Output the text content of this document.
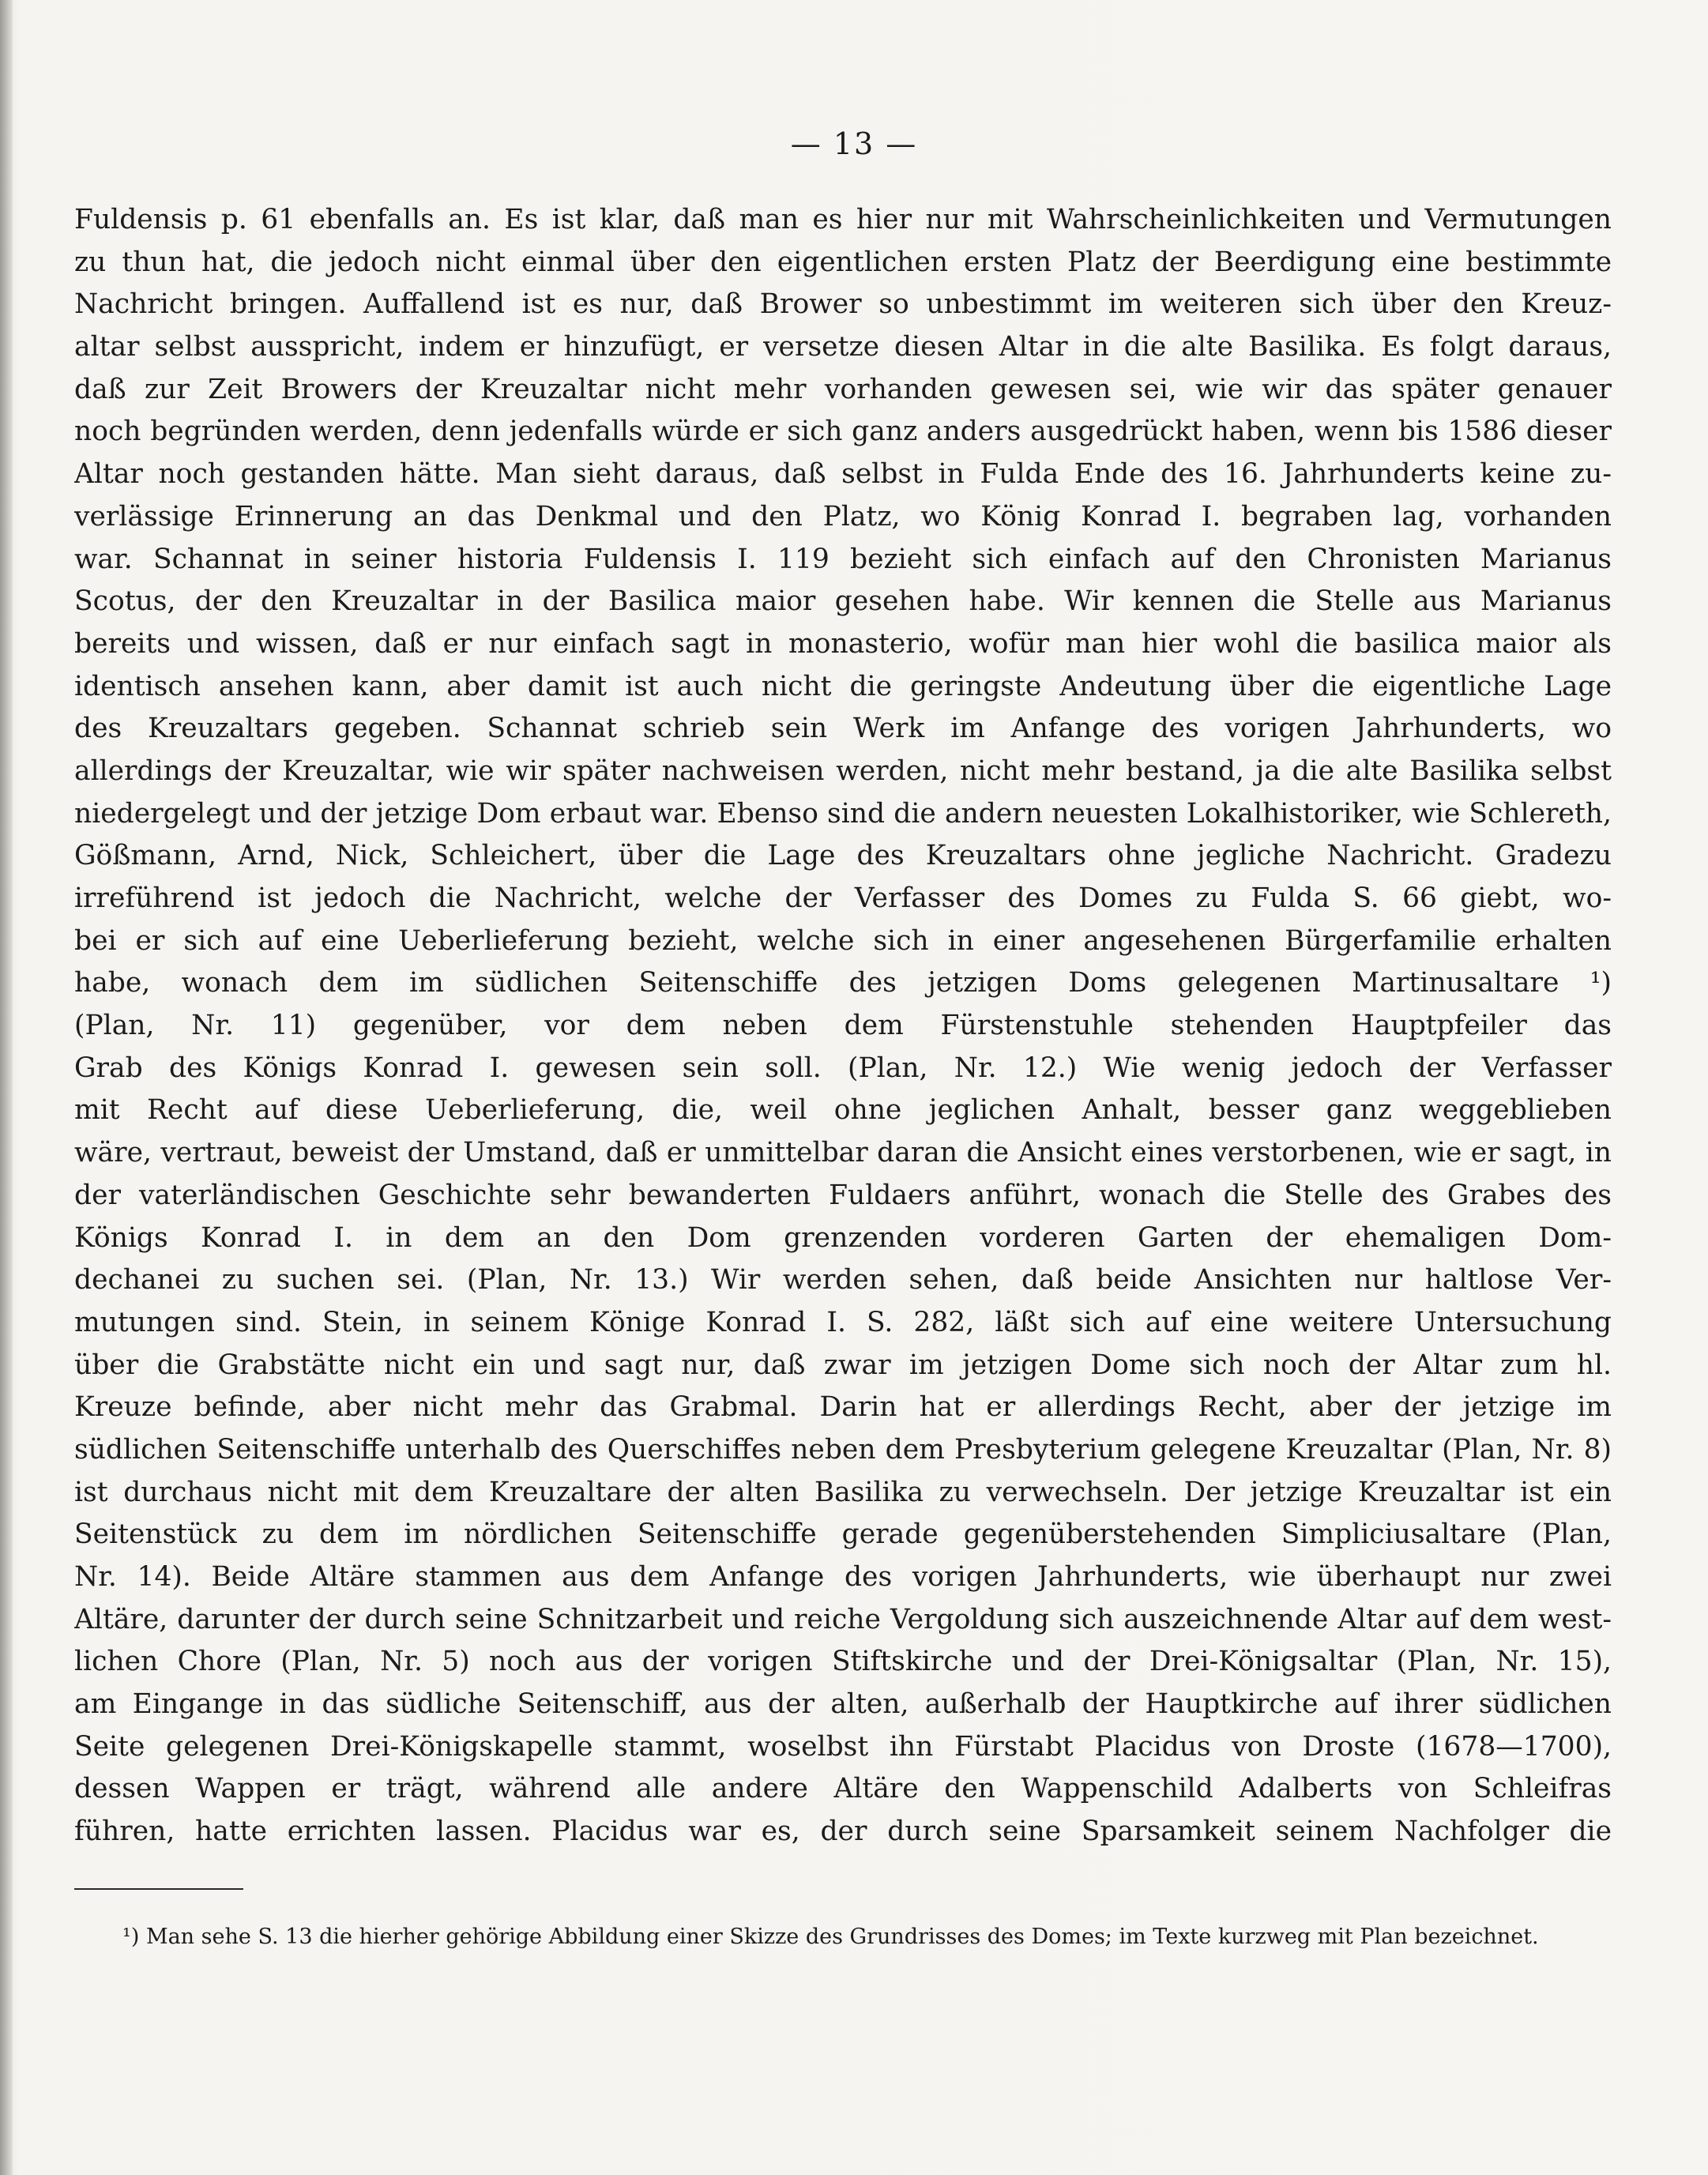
— 13 —
Fuldensis p. 61 ebenfalls an. Es ist klar, daß man es hier nur mit Wahrscheinlichkeiten und Vermutungen
zu thun hat, die jedoch nicht einmal über den eigentlichen ersten Platz der Beerdigung eine bestimmte
Nachricht bringen. Auffallend ist es nur, daß Brower so unbestimmt im weiteren sich über den Kreuz-
altar selbst ausspricht, indem er hinzufügt, er versetze diesen Altar in die alte Basilika. Es folgt daraus,
daß zur Zeit Browers der Kreuzaltar nicht mehr vorhanden gewesen sei, wie wir das später genauer
noch begründen werden, denn jedenfalls würde er sich ganz anders ausgedrückt haben, wenn bis 1586 dieser
Altar noch gestanden hätte. Man sieht daraus, daß selbst in Fulda Ende des 16. Jahrhunderts keine zu-
verlässige Erinnerung an das Denkmal und den Platz, wo König Konrad I. begraben lag, vorhanden
war. Schannat in seiner historia Fuldensis I. 119 bezieht sich einfach auf den Chronisten Marianus
Scotus, der den Kreuzaltar in der Basilica maior gesehen habe. Wir kennen die Stelle aus Marianus
bereits und wissen, daß er nur einfach sagt in monasterio, wofür man hier wohl die basilica maior als
identisch ansehen kann, aber damit ist auch nicht die geringste Andeutung über die eigentliche Lage
des Kreuzaltars gegeben. Schannat schrieb sein Werk im Anfange des vorigen Jahrhunderts, wo
allerdings der Kreuzaltar, wie wir später nachweisen werden, nicht mehr bestand, ja die alte Basilika selbst
niedergelegt und der jetzige Dom erbaut war. Ebenso sind die andern neuesten Lokalhistoriker, wie Schlereth,
Gößmann, Arnd, Nick, Schleichert, über die Lage des Kreuzaltars ohne jegliche Nachricht. Gradezu
irreführend ist jedoch die Nachricht, welche der Verfasser des Domes zu Fulda S. 66 giebt, wo-
bei er sich auf eine Ueberlieferung bezieht, welche sich in einer angesehenen Bürgerfamilie erhalten
habe, wonach dem im südlichen Seitenschiffe des jetzigen Doms gelegenen Martinusaltare ¹)
(Plan, Nr. 11) gegenüber, vor dem neben dem Fürstenstuhle stehenden Hauptpfeiler das
Grab des Königs Konrad I. gewesen sein soll. (Plan, Nr. 12.) Wie wenig jedoch der Verfasser
mit Recht auf diese Ueberlieferung, die, weil ohne jeglichen Anhalt, besser ganz weggeblieben
wäre, vertraut, beweist der Umstand, daß er unmittelbar daran die Ansicht eines verstorbenen, wie er sagt, in
der vaterländischen Geschichte sehr bewanderten Fuldaers anführt, wonach die Stelle des Grabes des
Königs Konrad I. in dem an den Dom grenzenden vorderen Garten der ehemaligen Dom-
dechanei zu suchen sei. (Plan, Nr. 13.) Wir werden sehen, daß beide Ansichten nur haltlose Ver-
mutungen sind. Stein, in seinem Könige Konrad I. S. 282, läßt sich auf eine weitere Untersuchung
über die Grabstätte nicht ein und sagt nur, daß zwar im jetzigen Dome sich noch der Altar zum hl.
Kreuze befinde, aber nicht mehr das Grabmal. Darin hat er allerdings Recht, aber der jetzige im
südlichen Seitenschiffe unterhalb des Querschiffes neben dem Presbyterium gelegene Kreuzaltar (Plan, Nr. 8)
ist durchaus nicht mit dem Kreuzaltare der alten Basilika zu verwechseln. Der jetzige Kreuzaltar ist ein
Seitenstück zu dem im nördlichen Seitenschiffe gerade gegenüberstehenden Simpliciusaltare (Plan,
Nr. 14). Beide Altäre stammen aus dem Anfange des vorigen Jahrhunderts, wie überhaupt nur zwei
Altäre, darunter der durch seine Schnitzarbeit und reiche Vergoldung sich auszeichnende Altar auf dem west-
lichen Chore (Plan, Nr. 5) noch aus der vorigen Stiftskirche und der Drei-Königsaltar (Plan, Nr. 15),
am Eingange in das südliche Seitenschiff, aus der alten, außerhalb der Hauptkirche auf ihrer südlichen
Seite gelegenen Drei-Königskapelle stammt, woselbst ihn Fürstabt Placidus von Droste (1678—1700),
dessen Wappen er trägt, während alle andere Altäre den Wappenschild Adalberts von Schleifras
führen, hatte errichten lassen. Placidus war es, der durch seine Sparsamkeit seinem Nachfolger die
¹) Man sehe S. 13 die hierher gehörige Abbildung einer Skizze des Grundrisses des Domes; im Texte kurzweg mit Plan bezeichnet.
